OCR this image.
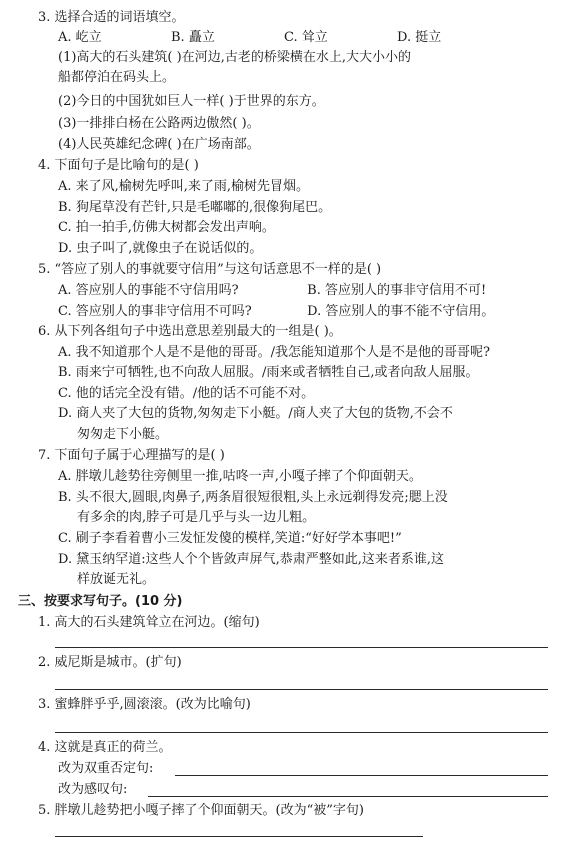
3. 选择合适的词语填空。
A. 屹立	B. 矗立	C. 耸立	D. 挺立
(1)高大的石头建筑( )在河边,古老的桥梁横在水上,大大小小的
船都停泊在码头上。
(2)今日的中国犹如巨人一样( )于世界的东方。
(3)一排排白杨在公路两边傲然( )。
(4)人民英雄纪念碑( )在广场南部。
4. 下面句子是比喻句的是( )
A. 来了风,榆树先呼叫,来了雨,榆树先冒烟。
B. 狗尾草没有芒针,只是毛嘟嘟的,很像狗尾巴。
C. 拍一拍手,仿佛大树都会发出声响。
D. 虫子叫了,就像虫子在说话似的。
5. “答应了别人的事就要守信用”与这句话意思不一样的是( )
A. 答应别人的事能不守信用吗?	B. 答应别人的事非守信用不可!
C. 答应别人的事非守信用不可吗?	D. 答应别人的事不能不守信用。
6. 从下列各组句子中选出意思差别最大的一组是( )。
A. 我不知道那个人是不是他的哥哥。/我怎能知道那个人是不是他的哥哥呢?
B. 雨来宁可牺牲,也不向敌人屈服。/雨来或者牺牲自己,或者向敌人屈服。
C. 他的话完全没有错。/他的话不可能不对。
D. 商人夹了大包的货物,匆匆走下小艇。/商人夹了大包的货物,不会不
匆匆走下小艇。
7. 下面句子属于心理描写的是( )
A. 胖墩儿趁势往旁侧里一推,咕咚一声,小嘎子摔了个仰面朝天。
B. 头不很大,圆眼,肉鼻子,两条眉很短很粗,头上永远剃得发亮;腮上没
有多余的肉,脖子可是几乎与头一边儿粗。
C. 刷子李看着曹小三发怔发傻的模样,笑道:“好好学本事吧!”
D. 黛玉纳罕道:这些人个个皆敛声屏气,恭肃严整如此,这来者系谁,这
样放诞无礼。
三、按要求写句子。(10 分)
1. 高大的石头建筑耸立在河边。(缩句)
2. 威尼斯是城市。(扩句)
3. 蜜蜂胖乎乎,圆滚滚。(改为比喻句)
4. 这就是真正的荷兰。
改为双重否定句:
改为感叹句:
5. 胖墩儿趁势把小嘎子摔了个仰面朝天。(改为“被”字句)
